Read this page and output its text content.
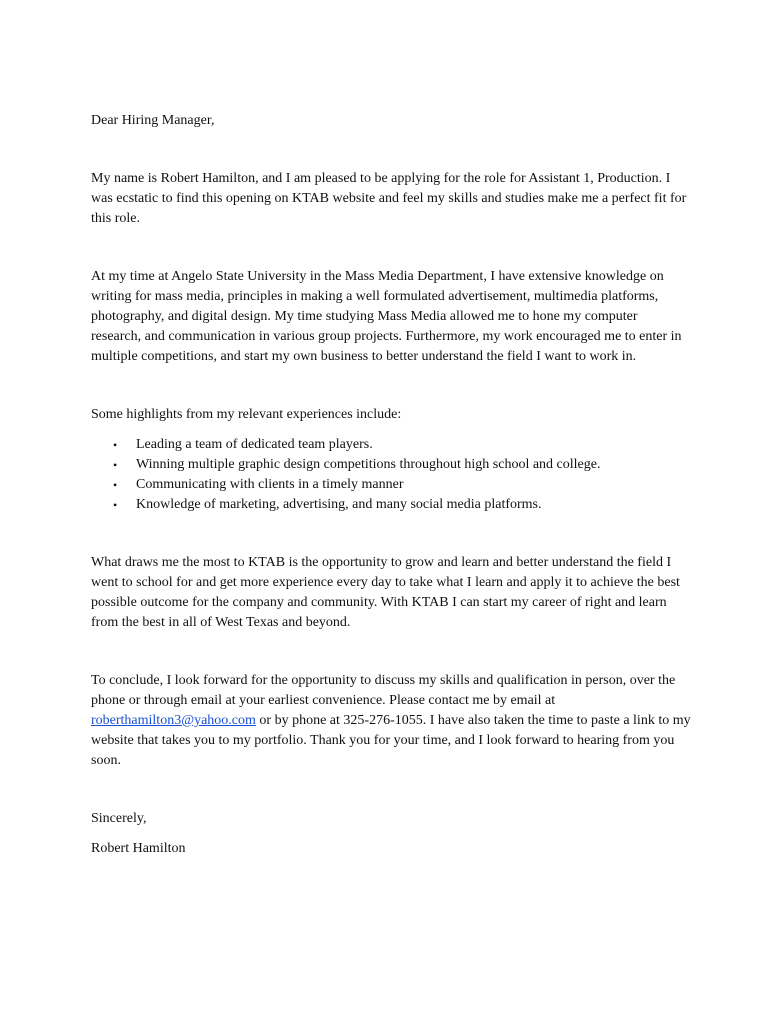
Dear Hiring Manager,

My name is Robert Hamilton, and I am pleased to be applying for the role for Assistant 1, Production. I was ecstatic to find this opening on KTAB website and feel my skills and studies make me a perfect fit for this role.

At my time at Angelo State University in the Mass Media Department, I have extensive knowledge on writing for mass media, principles in making a well formulated advertisement, multimedia platforms, photography, and digital design. My time studying Mass Media allowed me to hone my computer research, and communication in various group projects. Furthermore, my work encouraged me to enter in multiple competitions, and start my own business to better understand the field I want to work in.

Some highlights from my relevant experiences include:

• Leading a team of dedicated team players.
• Winning multiple graphic design competitions throughout high school and college.
• Communicating with clients in a timely manner
• Knowledge of marketing, advertising, and many social media platforms.

What draws me the most to KTAB is the opportunity to grow and learn and better understand the field I went to school for and get more experience every day to take what I learn and apply it to achieve the best possible outcome for the company and community. With KTAB I can start my career of right and learn from the best in all of West Texas and beyond.

To conclude, I look forward for the opportunity to discuss my skills and qualification in person, over the phone or through email at your earliest convenience. Please contact me by email at roberthamilton3@yahoo.com or by phone at 325-276-1055. I have also taken the time to paste a link to my website that takes you to my portfolio. Thank you for your time, and I look forward to hearing from you soon.

Sincerely,

Robert Hamilton
